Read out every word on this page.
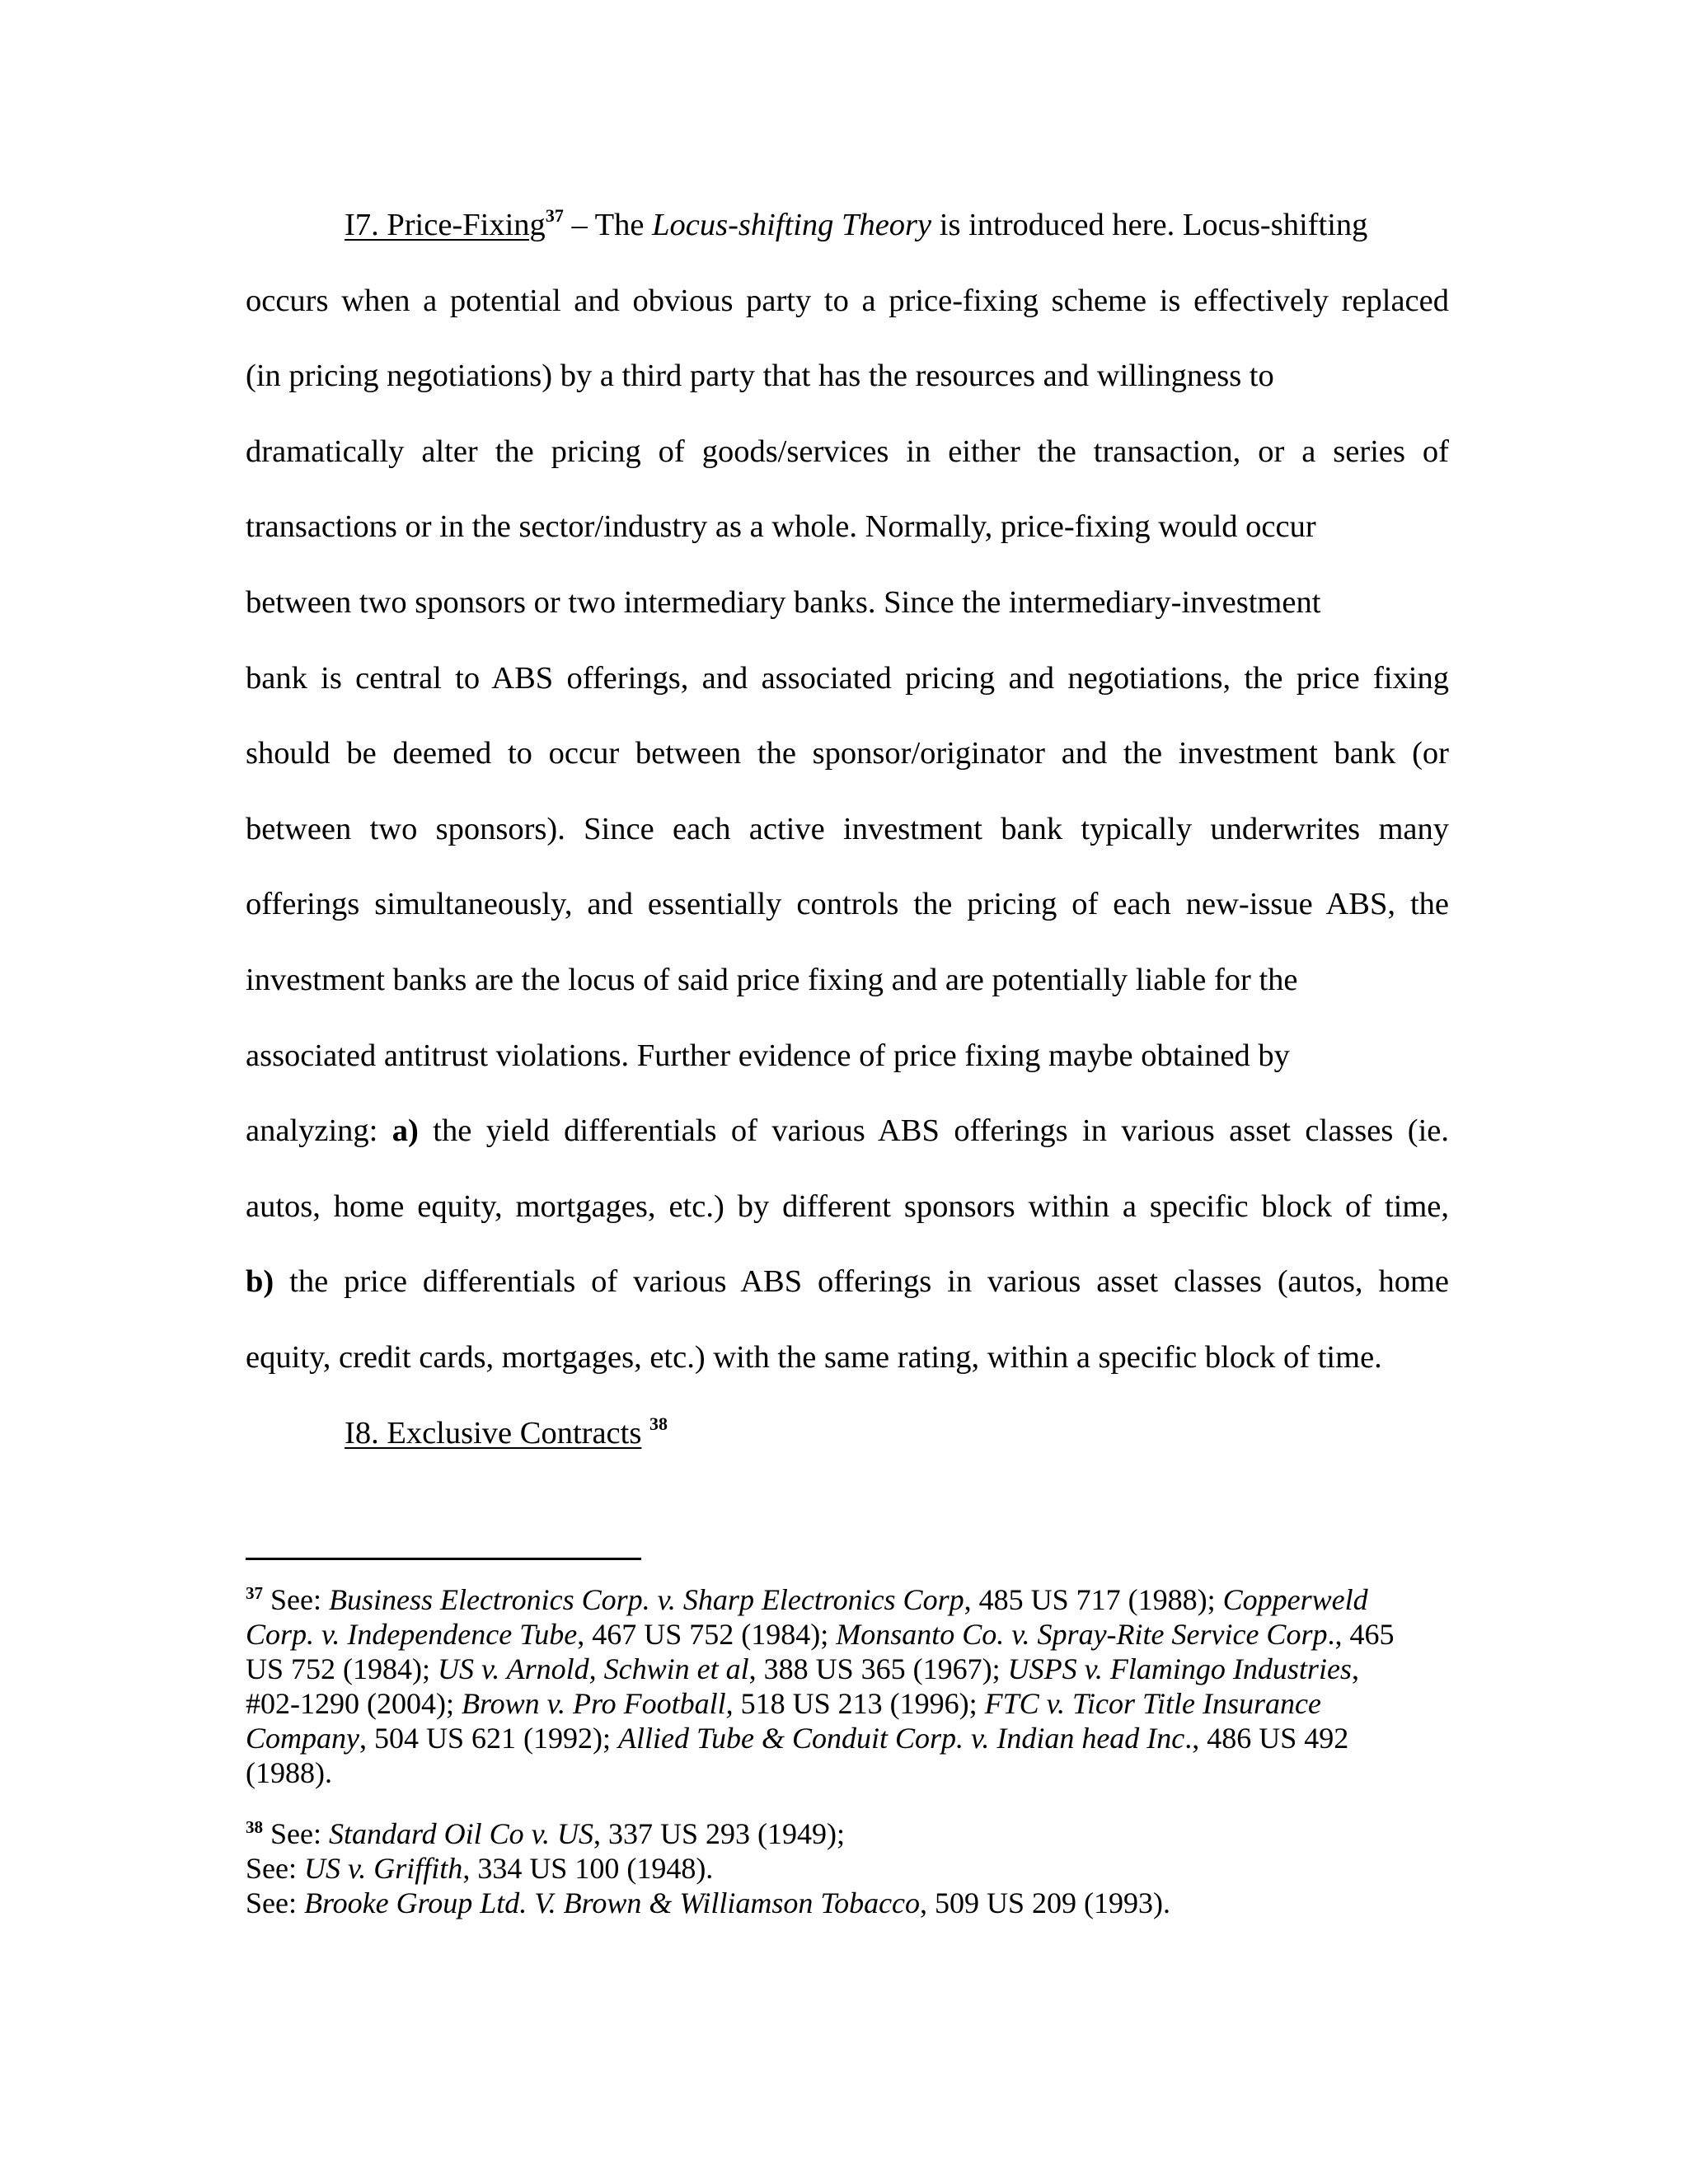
I7. Price-Fixing$^{37}$ – The Locus-shifting Theory is introduced here. Locus-shifting
occurs when a potential and obvious party to a price-fixing scheme is effectively replaced
(in pricing negotiations) by a third party that has the resources and willingness to
dramatically alter the pricing of goods/services in either the transaction, or a series of
transactions or in the sector/industry as a whole. Normally, price-fixing would occur
between two sponsors or two intermediary banks. Since the intermediary-investment
bank is central to ABS offerings, and associated pricing and negotiations, the price fixing
should be deemed to occur between the sponsor/originator and the investment bank (or
between two sponsors). Since each active investment bank typically underwrites many
offerings simultaneously, and essentially controls the pricing of each new-issue ABS, the
investment banks are the locus of said price fixing and are potentially liable for the
associated antitrust violations. Further evidence of price fixing maybe obtained by
analyzing: a) the yield differentials of various ABS offerings in various asset classes (ie.
autos, home equity, mortgages, etc.) by different sponsors within a specific block of time,
b) the price differentials of various ABS offerings in various asset classes (autos, home
equity, credit cards, mortgages, etc.) with the same rating, within a specific block of time.
I8. Exclusive Contracts $^{38}$
$^{37}$ See: Business Electronics Corp. v. Sharp Electronics Corp, 485 US 717 (1988); Copperweld
Corp. v. Independence Tube, 467 US 752 (1984); Monsanto Co. v. Spray-Rite Service Corp., 465
US 752 (1984); US v. Arnold, Schwin et al, 388 US 365 (1967); USPS v. Flamingo Industries,
#02-1290 (2004); Brown v. Pro Football, 518 US 213 (1996); FTC v. Ticor Title Insurance
Company, 504 US 621 (1992); Allied Tube & Conduit Corp. v. Indian head Inc., 486 US 492
(1988).
$^{38}$ See: Standard Oil Co v. US, 337 US 293 (1949);
See: US v. Griffith, 334 US 100 (1948).
See: Brooke Group Ltd. V. Brown & Williamson Tobacco, 509 US 209 (1993).
